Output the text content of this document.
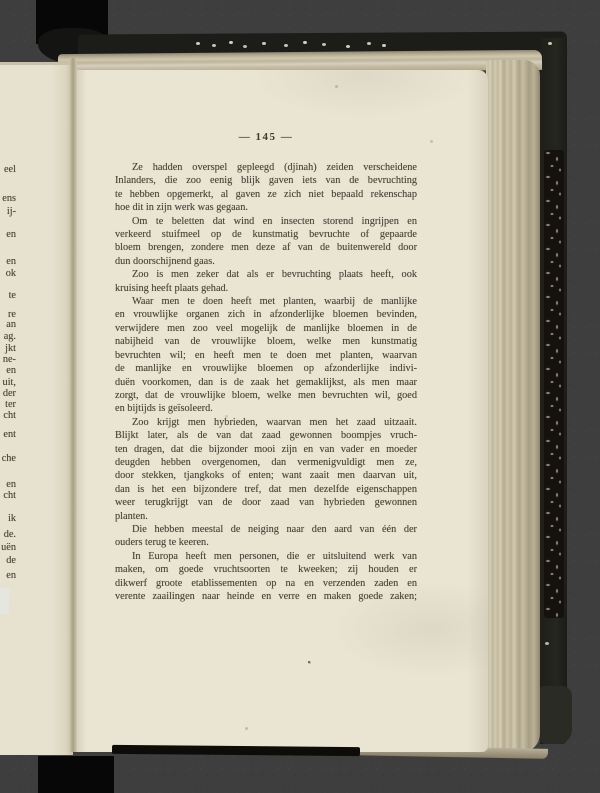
eel
ens
ij-
en
en
ok
te
re
an
ag.
jkt
ne-
en
uit,
der
ter
cht
ent
che
en
cht
ik
de.
uën
de
en
— 145 —
Ze hadden overspel gepleegd (djinah) zeiden verscheidene
Inlanders, die zoo eenig blijk gaven iets van de bevruchting
te hebben opgemerkt, al gaven ze zich niet bepaald rekenschap
hoe dit in zijn werk was gegaan.
Om te beletten dat wind en insecten storend ingrijpen en
verkeerd stuifmeel op de kunstmatig bevruchte of gepaarde
bloem brengen, zondere men deze af van de buitenwereld door
dun doorschijnend gaas.
Zoo is men zeker dat als er bevruchting plaats heeft, ook
kruising heeft plaats gehad.
Waar men te doen heeft met planten, waarbij de manlijke
en vrouwlijke organen zich in afzonderlijke bloemen bevinden,
verwijdere men zoo veel mogelijk de manlijke bloemen in de
nabijheid van de vrouwlijke bloem, welke men kunstmatig
bevruchten wil; en heeft men te doen met planten, waarvan
de manlijke en vrouwlijke bloemen op afzonderlijke indivi-
duën voorkomen, dan is de zaak het gemaklijkst, als men maar
zorgt, dat de vrouwlijke bloem, welke men bevruchten wil, goed
en bijtijds is geïsoleerd.
Zoo krijgt men hybrieden, waarvan men het zaad uitzaait.
Blijkt later, als de van dat zaad gewonnen boompjes vruch-
ten dragen, dat die bijzonder mooi zijn en van vader en moeder
deugden hebben overgenomen, dan vermenigvuldigt men ze,
door stekken, tjangkoks of enten; want zaait men daarvan uit,
dan is het een bijzondere tref, dat men dezelfde eigenschappen
weer terugkrijgt van de door zaad van hybrieden gewonnen
planten.
Die hebben meestal de neiging naar den aard van één der
ouders terug te keeren.
In Europa heeft men personen, die er uitsluitend werk van
maken, om goede vruchtsoorten te kweeken; zij houden er
dikwerf groote etablissementen op na en verzenden zaden en
verente zaailingen naar heinde en verre en maken goede zaken;
